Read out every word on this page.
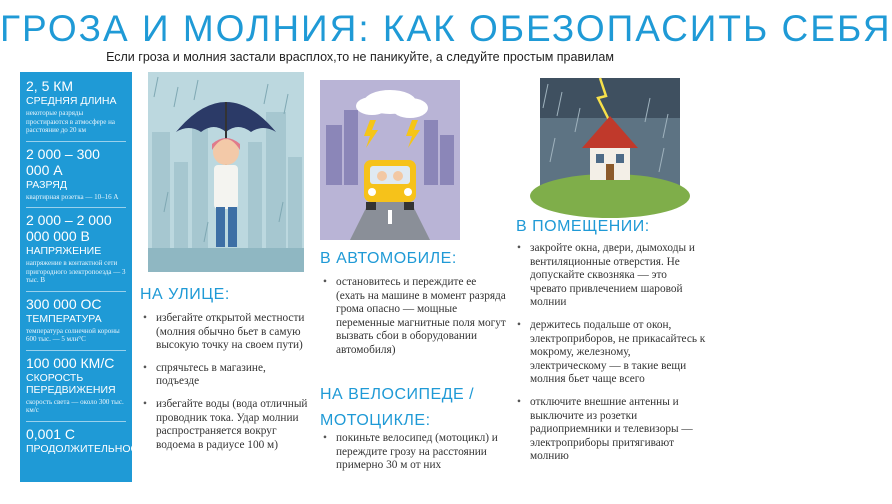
ГРОЗА И МОЛНИЯ: КАК ОБЕЗОПАСИТЬ СЕБЯ
Если гроза и молния застали врасплох,то не паникуйте, а следуйте простым правилам
2, 5 КМ
СРЕДНЯЯ ДЛИНА
некоторые разряды простираются в атмосфере на расстояние до 20 км
2 000 – 300 000 А
РАЗРЯД
квартирная розетка — 10–16 А
2 000 – 2 000 000 000 В
НАПРЯЖЕНИЕ
напряжение в контактной сети пригородного электропоезда — 3 тыс. В
300 000 ОС
ТЕМПЕРАТУРА
температура солнечной короны 600 тыс. — 5 млн°С
100 000 КМ/С
СКОРОСТЬ ПЕРЕДВИЖЕНИЯ
скорость света — около 300 тыс. км/с
0,001 С
ПРОДОЛЖИТЕЛЬНОСТЬ
НА УЛИЦЕ:
• избегайте открытой местности (молния обычно бьет в самую высокую точку на своем пути)
• спрячьтесь в магазине, подъезде
• избегайте воды (вода отличный проводник тока. Удар молнии распространяется вокруг водоема в радиусе 100 м)
В АВТОМОБИЛЕ:
• остановитесь и переждите ее (ехать на машине в момент разряда грома опасно — мощные переменные магнитные поля могут вызвать сбои в оборудовании автомобиля)
НА ВЕЛОСИПЕДЕ /
МОТОЦИКЛЕ:
• покиньте велосипед (мотоцикл) и переждите грозу на расстоянии примерно 30 м от них
В ПОМЕЩЕНИИ:
• закройте окна, двери, дымоходы и вентиляционные отверстия. Не допускайте сквозняка — это чревато привлечением шаровой молнии
• держитесь подальше от окон, электроприборов, не прикасайтесь к мокрому, железному, электрическому — в такие вещи молния бьет чаще всего
• отключите внешние антенны и выключите из розетки радиоприемники и телевизоры — электроприборы притягивают молнию
